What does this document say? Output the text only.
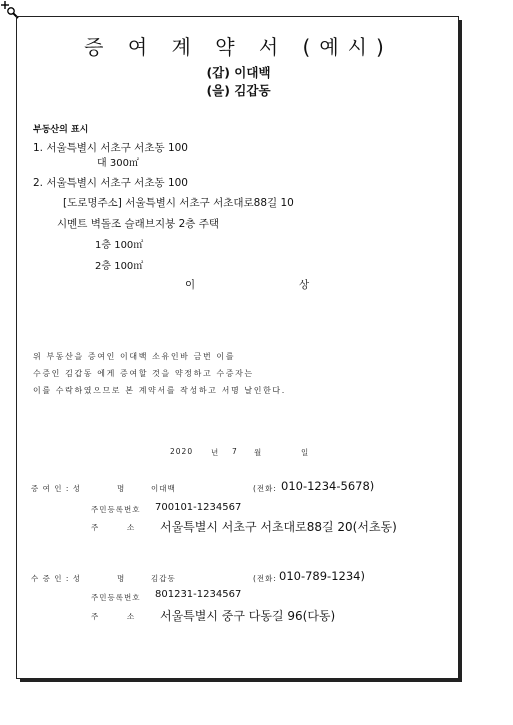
증 여 계 약 서 (예시)
(갑) 이대백
(을) 김갑동
부동산의 표시
1. 서울특별시 서초구 서초동 100
대 300㎡
2. 서울특별시 서초구 서초동 100
[도로명주소] 서울특별시 서초구 서초대로88길 10
시멘트 벽돌조 슬래브지붕 2층 주택
1층 100㎡
2층 100㎡
이	상
위 부동산을 증여인 이대백 소유인바 금번 이를
수증인 김갑동 에게 증여할 것을 약정하고 수증자는
이를 수락하였으므로 본 계약서를 작성하고 서명 날인한다.
2020 년 7 월	일
증 여 인 : 성	명	이대백	(전화: 010-1234-5678)
주민등록번호 700101-1234567
주	소 서울특별시 서초구 서초대로88길 20(서초동)
수 증 인 : 성	명	김갑동	(전화: 010-789-1234)
주민등록번호 801231-1234567
주	소 서울특별시 중구 다동길 96(다동)
